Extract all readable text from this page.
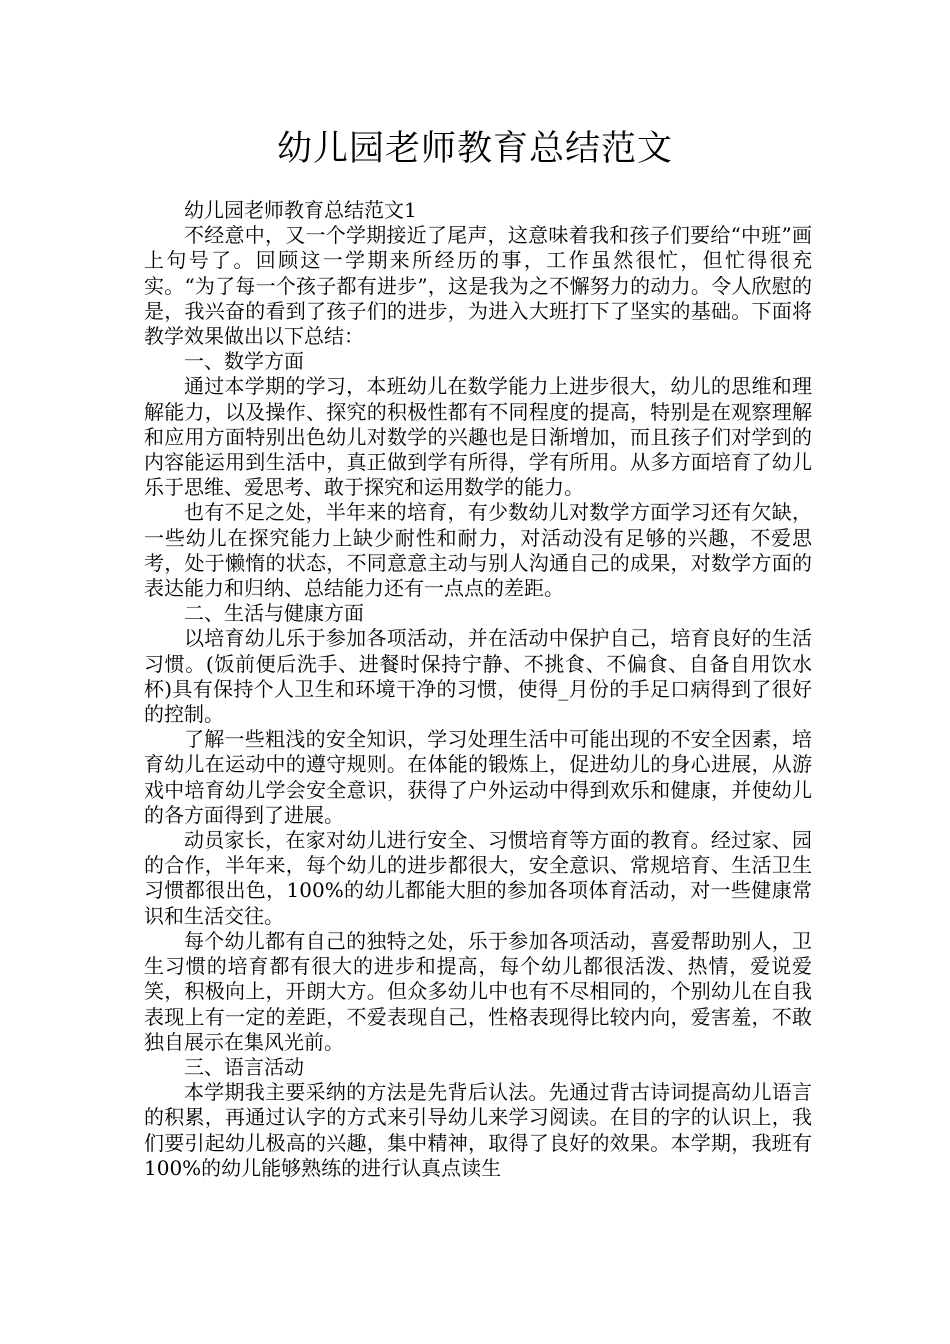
幼儿园老师教育总结范文

幼儿园老师教育总结范文1

不经意中，又一个学期接近了尾声，这意味着我和孩子们要给“中班”画上句号了。回顾这一学期来所经历的事，工作虽然很忙，但忙得很充实。“为了每一个孩子都有进步”，这是我为之不懈努力的动力。令人欣慰的是，我兴奋的看到了孩子们的进步，为进入大班打下了坚实的基础。下面将教学效果做出以下总结：

一、数学方面

通过本学期的学习，本班幼儿在数学能力上进步很大，幼儿的思维和理解能力，以及操作、探究的积极性都有不同程度的提高，特别是在观察理解和应用方面特别出色幼儿对数学的兴趣也是日渐增加，而且孩子们对学到的内容能运用到生活中，真正做到学有所得，学有所用。从多方面培育了幼儿乐于思维、爱思考、敢于探究和运用数学的能力。

也有不足之处，半年来的培育，有少数幼儿对数学方面学习还有欠缺，一些幼儿在探究能力上缺少耐性和耐力，对活动没有足够的兴趣，不爱思考，处于懒惰的状态，不同意意主动与别人沟通自己的成果，对数学方面的表达能力和归纳、总结能力还有一点点的差距。

二、生活与健康方面

以培育幼儿乐于参加各项活动，并在活动中保护自己，培育良好的生活习惯。(饭前便后洗手、进餐时保持宁静、不挑食、不偏食、自备自用饮水杯)具有保持个人卫生和环境干净的习惯，使得_月份的手足口病得到了很好的控制。

了解一些粗浅的安全知识，学习处理生活中可能出现的不安全因素，培育幼儿在运动中的遵守规则。在体能的锻炼上，促进幼儿的身心进展，从游戏中培育幼儿学会安全意识，获得了户外运动中得到欢乐和健康，并使幼儿的各方面得到了进展。

动员家长，在家对幼儿进行安全、习惯培育等方面的教育。经过家、园的合作，半年来，每个幼儿的进步都很大，安全意识、常规培育、生活卫生习惯都很出色，100%的幼儿都能大胆的参加各项体育活动，对一些健康常识和生活交往。

每个幼儿都有自己的独特之处，乐于参加各项活动，喜爱帮助别人，卫生习惯的培育都有很大的进步和提高，每个幼儿都很活泼、热情，爱说爱笑，积极向上，开朗大方。但众多幼儿中也有不尽相同的，个别幼儿在自我表现上有一定的差距，不爱表现自己，性格表现得比较内向，爱害羞，不敢独自展示在集风光前。

三、语言活动

本学期我主要采纳的方法是先背后认法。先通过背古诗词提高幼儿语言的积累，再通过认字的方式来引导幼儿来学习阅读。在目的字的认识上，我们要引起幼儿极高的兴趣，集中精神，取得了良好的效果。本学期，我班有100%的幼儿能够熟练的进行认真点读生
